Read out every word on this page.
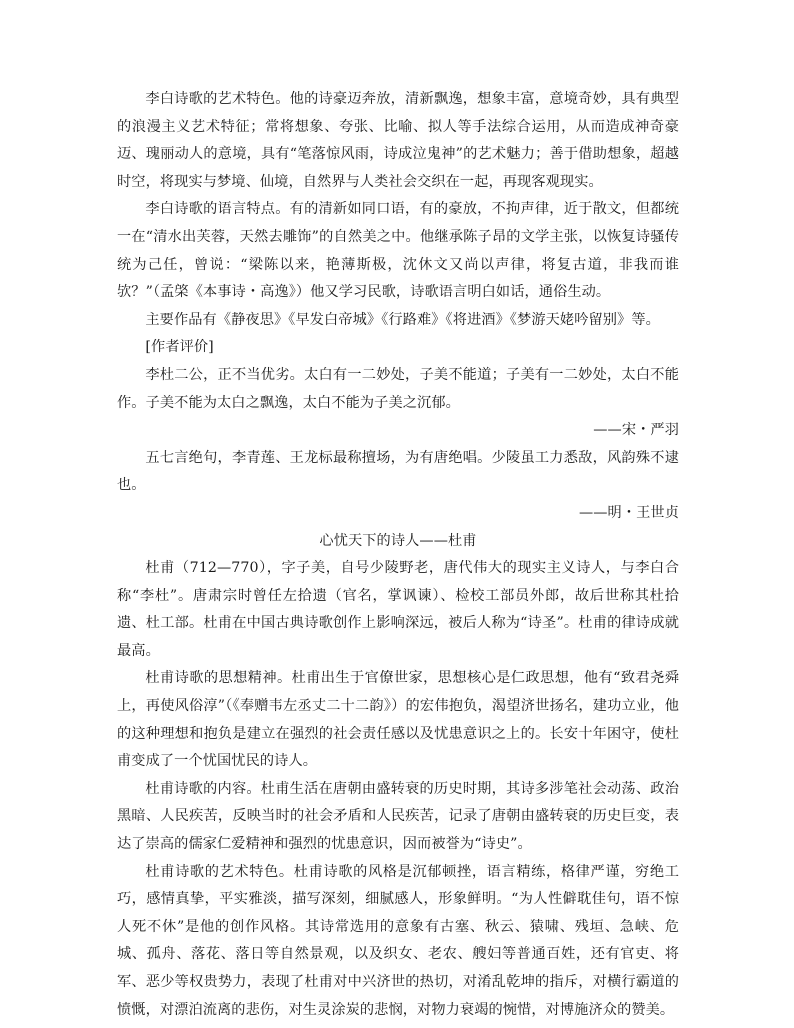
李白诗歌的艺术特色。他的诗豪迈奔放，清新飘逸，想象丰富，意境奇妙，具有典型的浪漫主义艺术特征；常将想象、夸张、比喻、拟人等手法综合运用，从而造成神奇豪迈、瑰丽动人的意境，具有“笔落惊风雨，诗成泣鬼神”的艺术魅力；善于借助想象，超越时空，将现实与梦境、仙境，自然界与人类社会交织在一起，再现客观现实。

李白诗歌的语言特点。有的清新如同口语，有的豪放，不拘声律，近于散文，但都统一在“清水出芙蓉，天然去雕饰”的自然美之中。他继承陈子昂的文学主张，以恢复诗骚传统为己任，曾说：“梁陈以来，艳薄斯极，沈休文又尚以声律，将复古道，非我而谁欤？”（孟棨《本事诗・高逸》）他又学习民歌，诗歌语言明白如话，通俗生动。

主要作品有《静夜思》《早发白帝城》《行路难》《将进酒》《梦游天姥吟留别》等。

[作者评价]

李杜二公，正不当优劣。太白有一二妙处，子美不能道；子美有一二妙处，太白不能作。子美不能为太白之飘逸，太白不能为子美之沉郁。

——宋・严羽

五七言绝句，李青莲、王龙标最称擅场，为有唐绝唱。少陵虽工力悉敌，风韵殊不逮也。

——明・王世贞

心忧天下的诗人——杜甫

杜甫（712—770），字子美，自号少陵野老，唐代伟大的现实主义诗人，与李白合称“李杜”。唐肃宗时曾任左拾遗（官名，掌讽谏）、检校工部员外郎，故后世称其杜拾遗、杜工部。杜甫在中国古典诗歌创作上影响深远，被后人称为“诗圣”。杜甫的律诗成就最高。

杜甫诗歌的思想精神。杜甫出生于官僚世家，思想核心是仁政思想，他有“致君尧舜上，再使风俗淳”（《奉赠韦左丞丈二十二韵》）的宏伟抱负，渴望济世扬名，建功立业，他的这种理想和抱负是建立在强烈的社会责任感以及忧患意识之上的。长安十年困守，使杜甫变成了一个忧国忧民的诗人。

杜甫诗歌的内容。杜甫生活在唐朝由盛转衰的历史时期，其诗多涉笔社会动荡、政治黑暗、人民疾苦，反映当时的社会矛盾和人民疾苦，记录了唐朝由盛转衰的历史巨变，表达了崇高的儒家仁爱精神和强烈的忧患意识，因而被誉为“诗史”。

杜甫诗歌的艺术特色。杜甫诗歌的风格是沉郁顿挫，语言精练，格律严谨，穷绝工巧，感情真挚，平实雅淡，描写深刻，细腻感人，形象鲜明。“为人性僻耽佳句，语不惊人死不休”是他的创作风格。其诗常选用的意象有古塞、秋云、猿啸、残垣、急峡、危城、孤舟、落花、落日等自然景观，以及织女、老农、艘妇等普通百姓，还有官吏、将军、恶少等权贵势力，表现了杜甫对中兴济世的热切，对淆乱乾坤的指斥，对横行霸道的愤慨，对漂泊流离的悲伤，对生灵涂炭的悲悯，对物力衰竭的惋惜，对博施济众的赞美。
